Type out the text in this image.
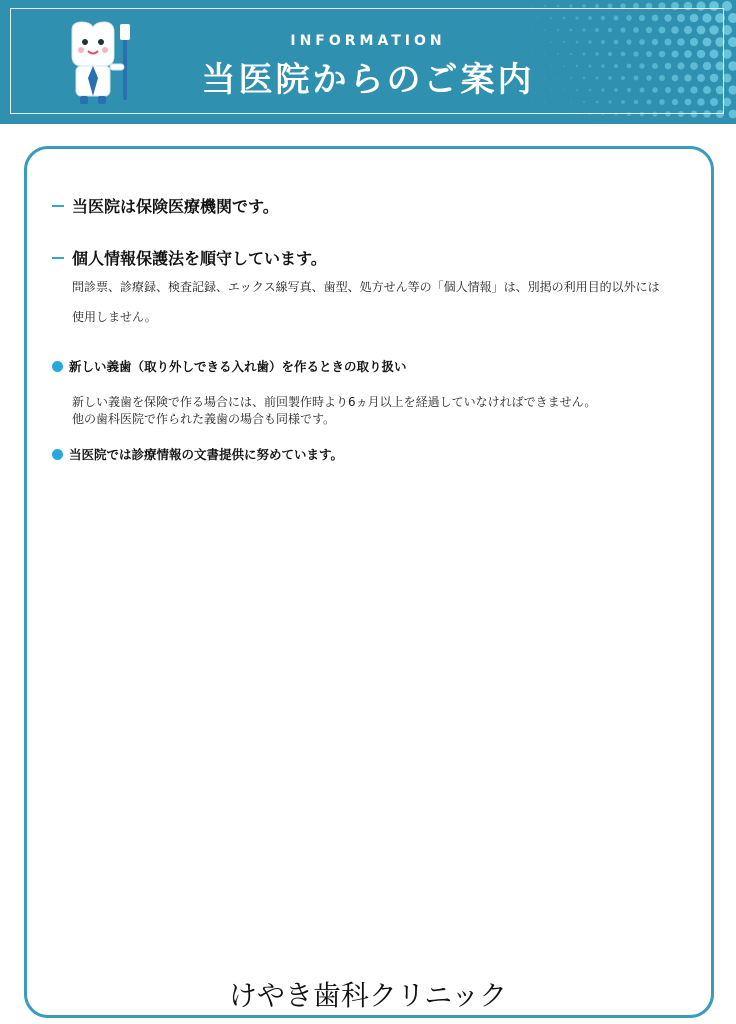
INFORMATION
当医院からのご案内
当医院は保険医療機関です。
個人情報保護法を順守しています。
問診票、診療録、検査記録、エックス線写真、歯型、処方せん等の「個人情報」は、別掲の利用目的以外には使用しません。
新しい義歯（取り外しできる入れ歯）を作るときの取り扱い
新しい義歯を保険で作る場合には、前回製作時より6ヵ月以上を経過していなければできません。
他の歯科医院で作られた義歯の場合も同様です。
当医院では診療情報の文書提供に努めています。
けやき歯科クリニック
